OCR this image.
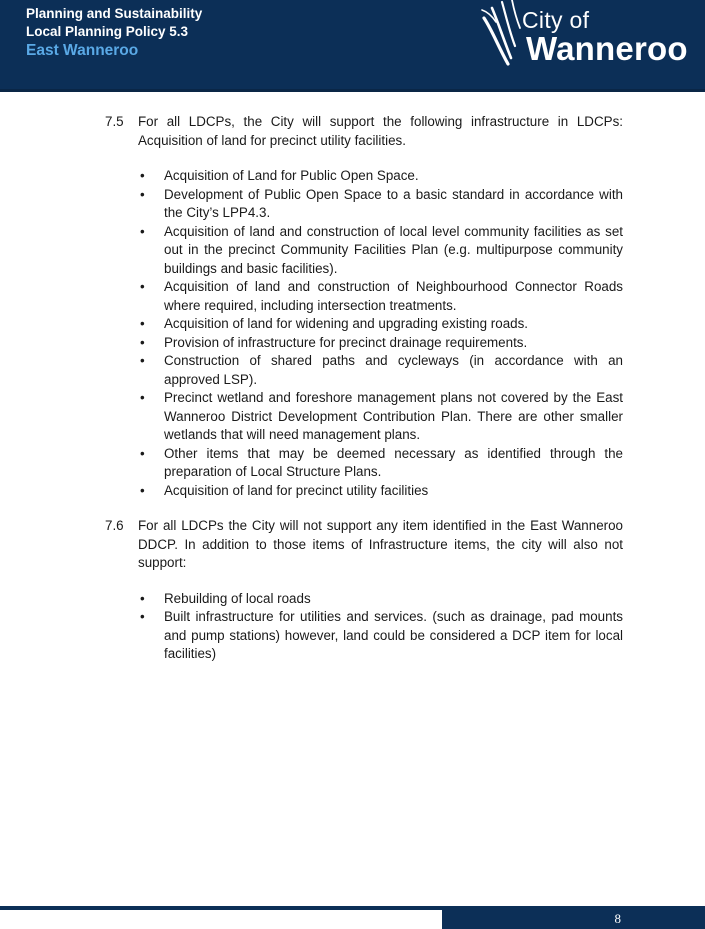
Planning and Sustainability
Local Planning Policy 5.3
East Wanneroo
City of
Wanneroo
7.5 For all LDCPs, the City will support the following infrastructure in LDCPs: Acquisition of land for precinct utility facilities.
• Acquisition of Land for Public Open Space.
• Development of Public Open Space to a basic standard in accordance with the City’s LPP4.3.
• Acquisition of land and construction of local level community facilities as set out in the precinct Community Facilities Plan (e.g. multipurpose community buildings and basic facilities).
• Acquisition of land and construction of Neighbourhood Connector Roads where required, including intersection treatments.
• Acquisition of land for widening and upgrading existing roads.
• Provision of infrastructure for precinct drainage requirements.
• Construction of shared paths and cycleways (in accordance with an approved LSP).
• Precinct wetland and foreshore management plans not covered by the East Wanneroo District Development Contribution Plan. There are other smaller wetlands that will need management plans.
• Other items that may be deemed necessary as identified through the preparation of Local Structure Plans.
• Acquisition of land for precinct utility facilities
7.6 For all LDCPs the City will not support any item identified in the East Wanneroo DDCP. In addition to those items of Infrastructure items, the city will also not support:
• Rebuilding of local roads
• Built infrastructure for utilities and services. (such as drainage, pad mounts and pump stations) however, land could be considered a DCP item for local facilities)
8
